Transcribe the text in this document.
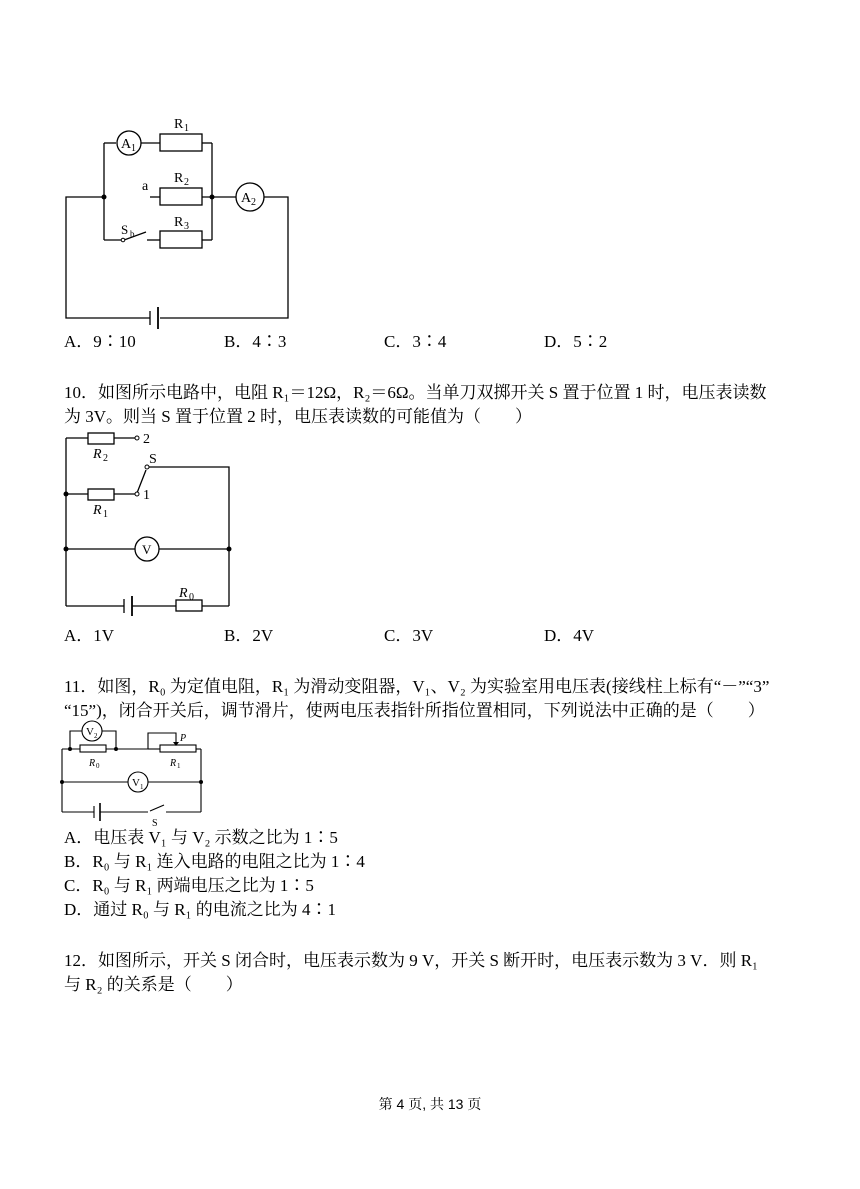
A 1
A 2
R 1
R 2
R 3
a
S b
A．9∶10	B．4∶3	C．3∶4	D．5∶2
10．如图所示电路中，电阻 R₁＝12Ω，R₂＝6Ω。当单刀双掷开关 S 置于位置 1 时，电压表读数
为 3V。则当 S 置于位置 2 时，电压表读数的可能值为（　　）
2
1
S
R 2
R 1
R 0
V
A．1V	B．2V	C．3V	D．4V
11．如图，R₀ 为定值电阻，R₁ 为滑动变阻器，V₁、V₂ 为实验室用电压表(接线柱上标有“－”“3”
“15”)，闭合开关后，调节滑片，使两电压表指针所指位置相同，下列说法中正确的是（　　）
V 2
V 1
R 0	R 1
P
S
A．电压表 V₁ 与 V₂ 示数之比为 1∶5
B．R₀ 与 R₁ 连入电路的电阻之比为 1∶4
C．R₀ 与 R₁ 两端电压之比为 1∶5
D．通过 R₀ 与 R₁ 的电流之比为 4∶1
12．如图所示，开关 S 闭合时，电压表示数为 9 V，开关 S 断开时，电压表示数为 3 V．则 R₁
与 R₂ 的关系是（　　）
第 4 页, 共 13 页
